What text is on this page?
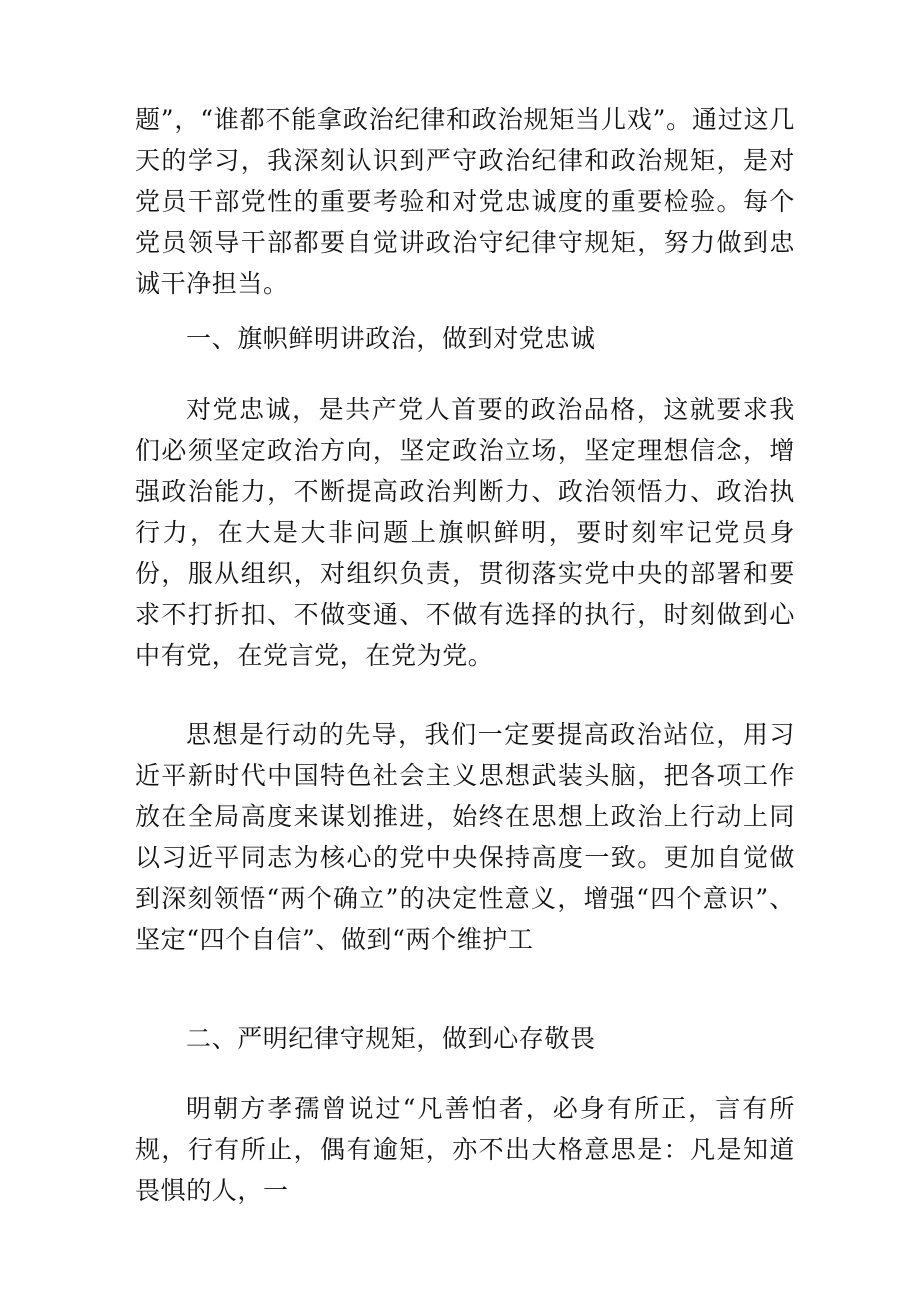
题”，“谁都不能拿政治纪律和政治规矩当儿戏”。通过这几天的学习，我深刻认识到严守政治纪律和政治规矩，是对党员干部党性的重要考验和对党忠诚度的重要检验。每个党员领导干部都要自觉讲政治守纪律守规矩，努力做到忠诚干净担当。

一、旗帜鲜明讲政治，做到对党忠诚

对党忠诚，是共产党人首要的政治品格，这就要求我们必须坚定政治方向，坚定政治立场，坚定理想信念，增强政治能力，不断提高政治判断力、政治领悟力、政治执行力，在大是大非问题上旗帜鲜明，要时刻牢记党员身份，服从组织，对组织负责，贯彻落实党中央的部署和要求不打折扣、不做变通、不做有选择的执行，时刻做到心中有党，在党言党，在党为党。

思想是行动的先导，我们一定要提高政治站位，用习近平新时代中国特色社会主义思想武装头脑，把各项工作放在全局高度来谋划推进，始终在思想上政治上行动上同以习近平同志为核心的党中央保持高度一致。更加自觉做到深刻领悟“两个确立”的决定性意义，增强“四个意识”、坚定“四个自信”、做到“两个维护工

二、严明纪律守规矩，做到心存敬畏

明朝方孝孺曾说过“凡善怕者，必身有所正，言有所规，行有所止，偶有逾矩，亦不出大格意思是：凡是知道畏惧的人，一
